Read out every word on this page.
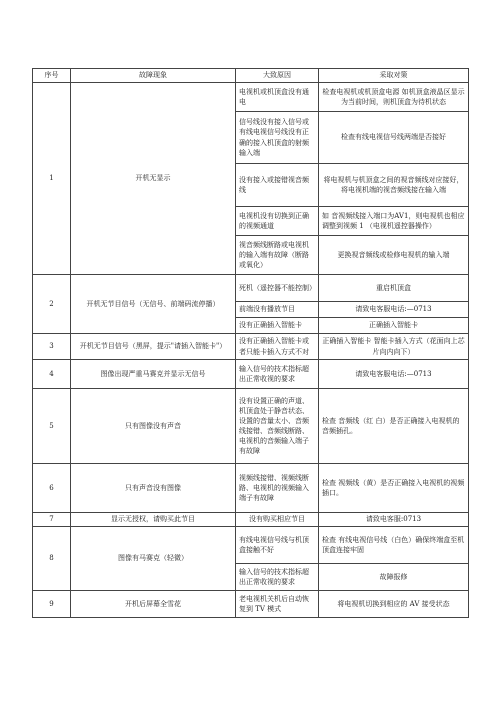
序号	故障现象	大致原因	采取对策
1	开机无显示	电视机或机顶盒没有通电	检查电视机或机顶盒电源 如机顶盒液晶区显示为当前时间，则机顶盒为待机状态
		信号线没有接入信号或有线电视信号线没有正确的接入机顶盒的射频输入端	检查有线电视信号线两端是否接好
		没有接入或接错视音频线	将电视机与机顶盒之间的视音频线对应接好，将电视机端的视音频线接在输入端
		电视机没有切换到正确的视频通道	如 音视频线接入端口为AV1，则电视机也相应调整到视频 1 （电视机遥控器操作）
		视音频线断路或电视机的输入端有故障（断路或氧化）	更换视音频线或检修电视机的输入端
2	开机无节目信号（无信号、前端码流停播）	死机（遥控器不能控制）	重启机顶盒
		前端没有播放节目	请致电客服电话:—0713
		没有正确插入智能卡	正确插入智能卡
3	开机无节目信号（黑屏，提示"请插入智能卡"）	没有正确插入智能卡或者只能卡插入方式不对	正确插入智能卡 智能卡插入方式（花面向上芯片向内向下）
4	图像出现严重马赛克并显示无信号	输入信号的技术指标超出正常收视的要求	请致电客服电话:—0713
5	只有图像没有声音	没有设置正确的声道、机顶盒处于静音状态、设置的音量太小、音频线接错、音频线断路、电视机的音频输入端子有故障	检查 音频线（红 白）是否正确接入电视机的音频插孔。
6	只有声音没有图像	视频线接错、视频线断路、电视机的视频输入端子有故障	检查 视频线（黄）是否正确接入电视机的视频插口。
7	显示无授权，请购买此节目	没有购买相应节目	请致电客服:0713
8	图像有马赛克（轻微）	有线电视信号线与机顶盒接触不好	检查 有线电视信号线（白色）确保终端盒至机顶盒连接牢固
		输入信号的技术指标超出正常收视的要求	故障报修
9	开机后屏幕全雪花	老电视机关机后自动恢复到 TV 模式	将电视机切换到相应的 AV 接受状态
